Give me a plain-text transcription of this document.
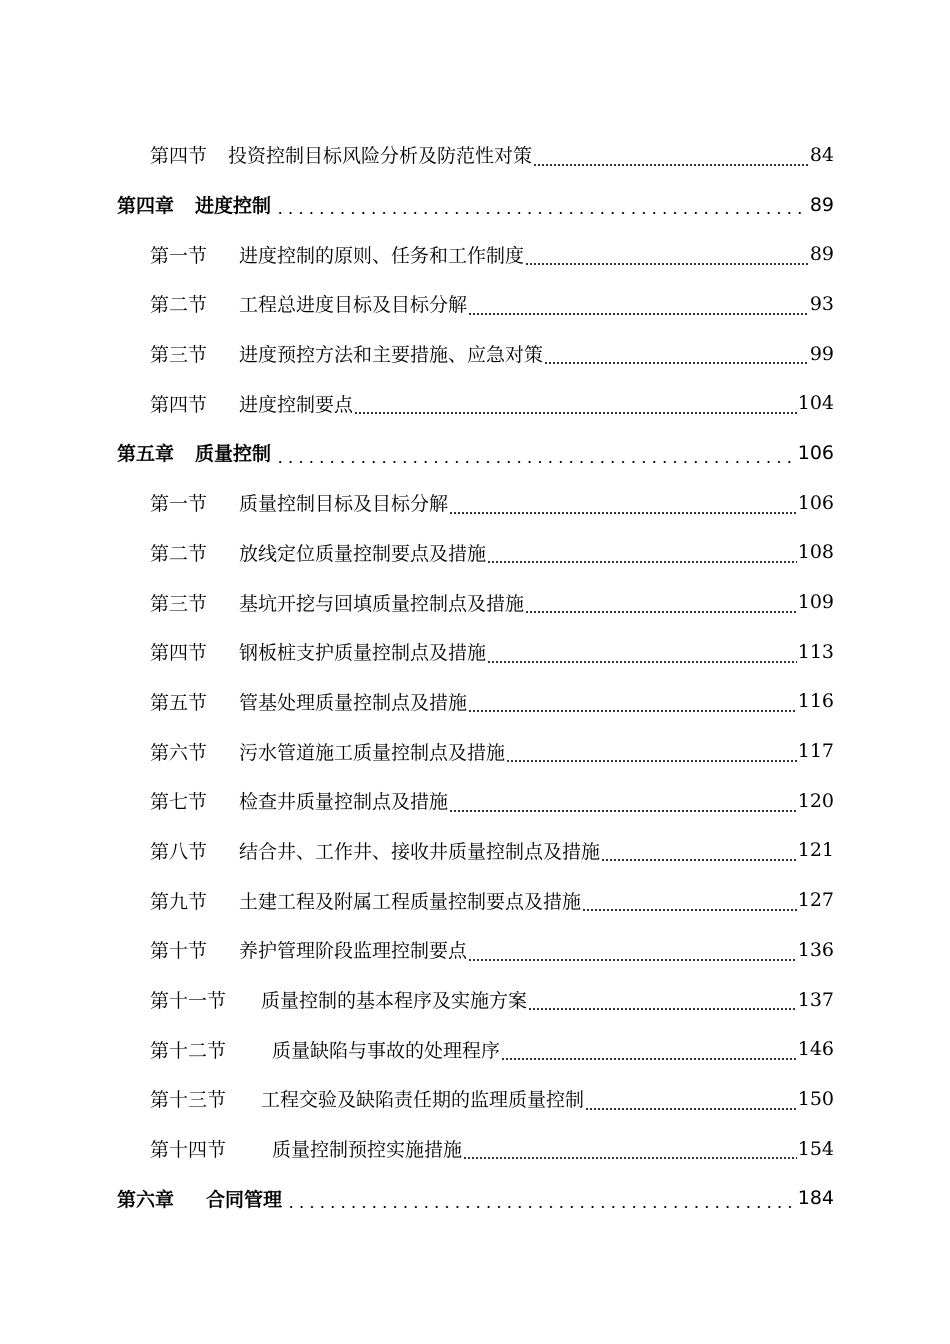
第四节	投资控制目标风险分析及防范性对策	84
第四章	进度控制	89
第一节	进度控制的原则、任务和工作制度	89
第二节	工程总进度目标及目标分解	93
第三节	进度预控方法和主要措施、应急对策	99
第四节	进度控制要点	104
第五章	质量控制	106
第一节	质量控制目标及目标分解	106
第二节	放线定位质量控制要点及措施	108
第三节	基坑开挖与回填质量控制点及措施	109
第四节	钢板桩支护质量控制点及措施	113
第五节	管基处理质量控制点及措施	116
第六节	污水管道施工质量控制点及措施	117
第七节	检查井质量控制点及措施	120
第八节	结合井、工作井、接收井质量控制点及措施	121
第九节	土建工程及附属工程质量控制要点及措施	127
第十节	养护管理阶段监理控制要点	136
第十一节	质量控制的基本程序及实施方案	137
第十二节	质量缺陷与事故的处理程序	146
第十三节	工程交验及缺陷责任期的监理质量控制	150
第十四节	质量控制预控实施措施	154
第六章	合同管理	184
